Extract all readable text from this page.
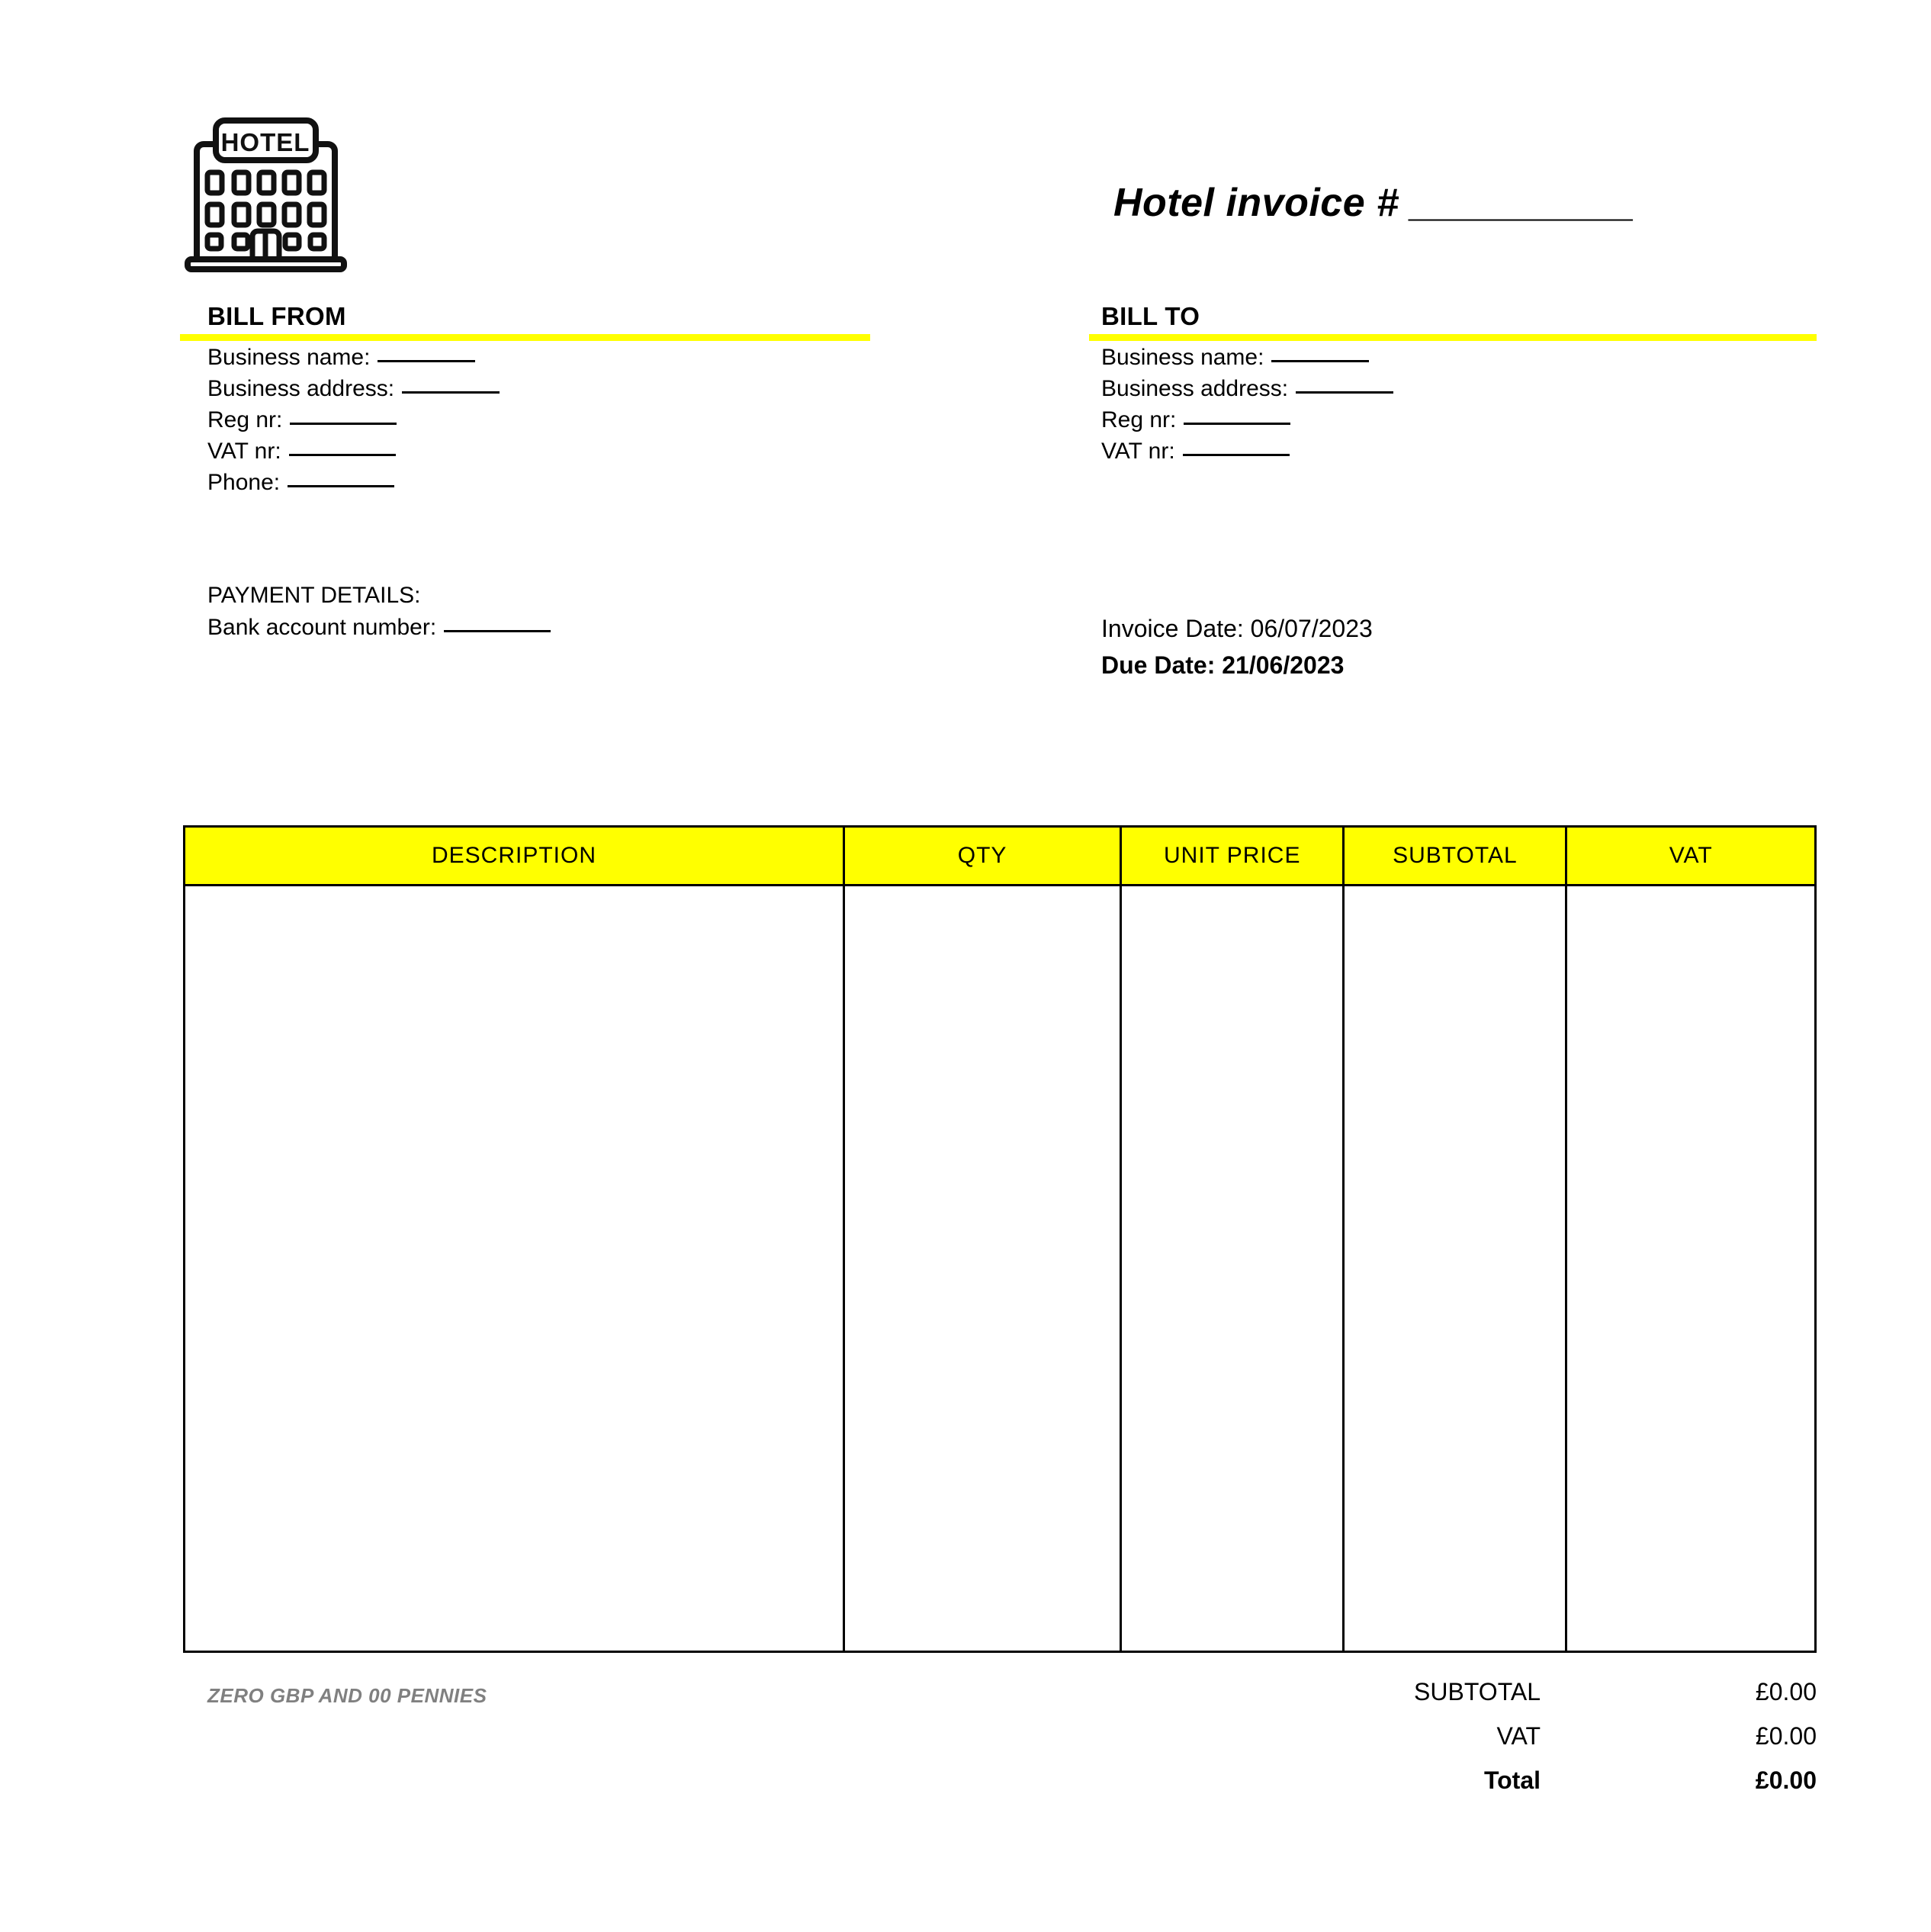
HOTEL
Hotel invoice # __________
BILL FROM
Business name:
Business address:
Reg nr:
VAT nr:
Phone:
BILL TO
Business name:
Business address:
Reg nr:
VAT nr:
PAYMENT DETAILS:
Bank account number:	Invoice Date: 06/07/2023
Due Date: 21/06/2023
DESCRIPTION	QTY	UNIT PRICE	SUBTOTAL	VAT

ZERO GBP AND 00 PENNIES	SUBTOTAL	£0.00
VAT	£0.00
Total	£0.00
